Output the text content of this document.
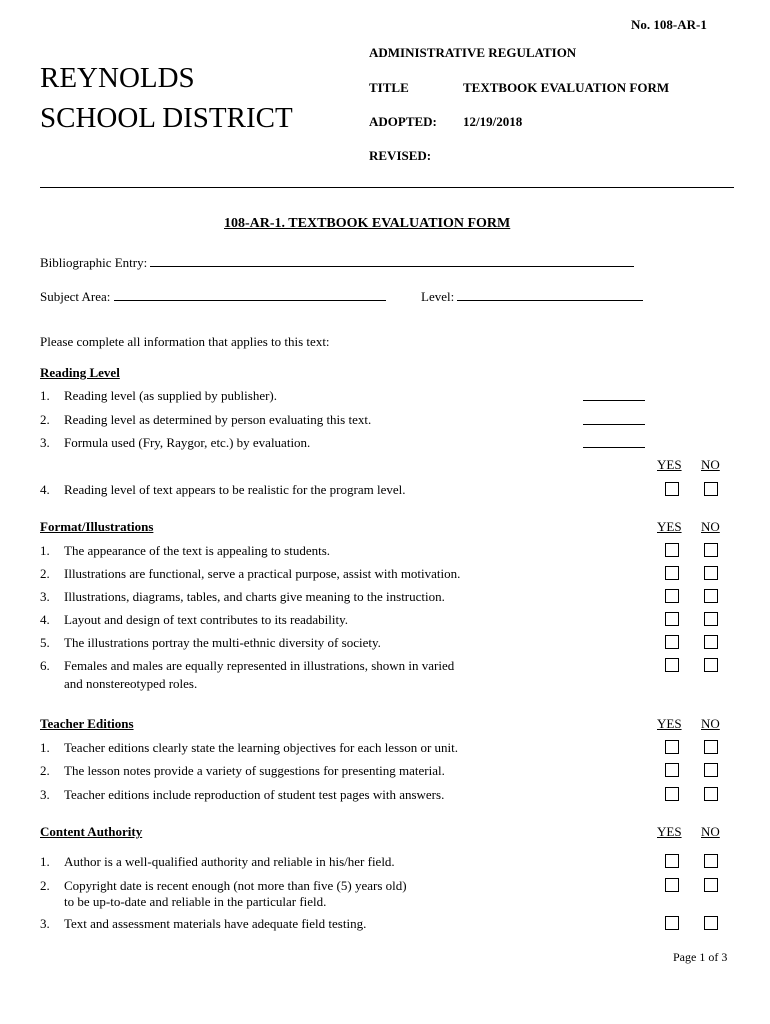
No. 108-AR-1
REYNOLDS
SCHOOL DISTRICT
ADMINISTRATIVE REGULATION
TITLE	TEXTBOOK EVALUATION FORM
ADOPTED: 12/19/2018
REVISED:
108-AR-1. TEXTBOOK EVALUATION FORM
Bibliographic Entry:
Subject Area:	Level:
Please complete all information that applies to this text:
Reading Level
1. Reading level (as supplied by publisher).
2. Reading level as determined by person evaluating this text.
3. Formula used (Fry, Raygor, etc.) by evaluation.
YES NO
4. Reading level of text appears to be realistic for the program level.
Format/Illustrations	YES NO
1. The appearance of the text is appealing to students.
2. Illustrations are functional, serve a practical purpose, assist with motivation.
3. Illustrations, diagrams, tables, and charts give meaning to the instruction.
4. Layout and design of text contributes to its readability.
5. The illustrations portray the multi-ethnic diversity of society.
6. Females and males are equally represented in illustrations, shown in varied
and nonstereotyped roles.
Teacher Editions	YES NO
1. Teacher editions clearly state the learning objectives for each lesson or unit.
2. The lesson notes provide a variety of suggestions for presenting material.
3. Teacher editions include reproduction of student test pages with answers.
Content Authority	YES NO
1. Author is a well-qualified authority and reliable in his/her field.
2. Copyright date is recent enough (not more than five (5) years old)
to be up-to-date and reliable in the particular field.
3. Text and assessment materials have adequate field testing.
Page 1 of 3
